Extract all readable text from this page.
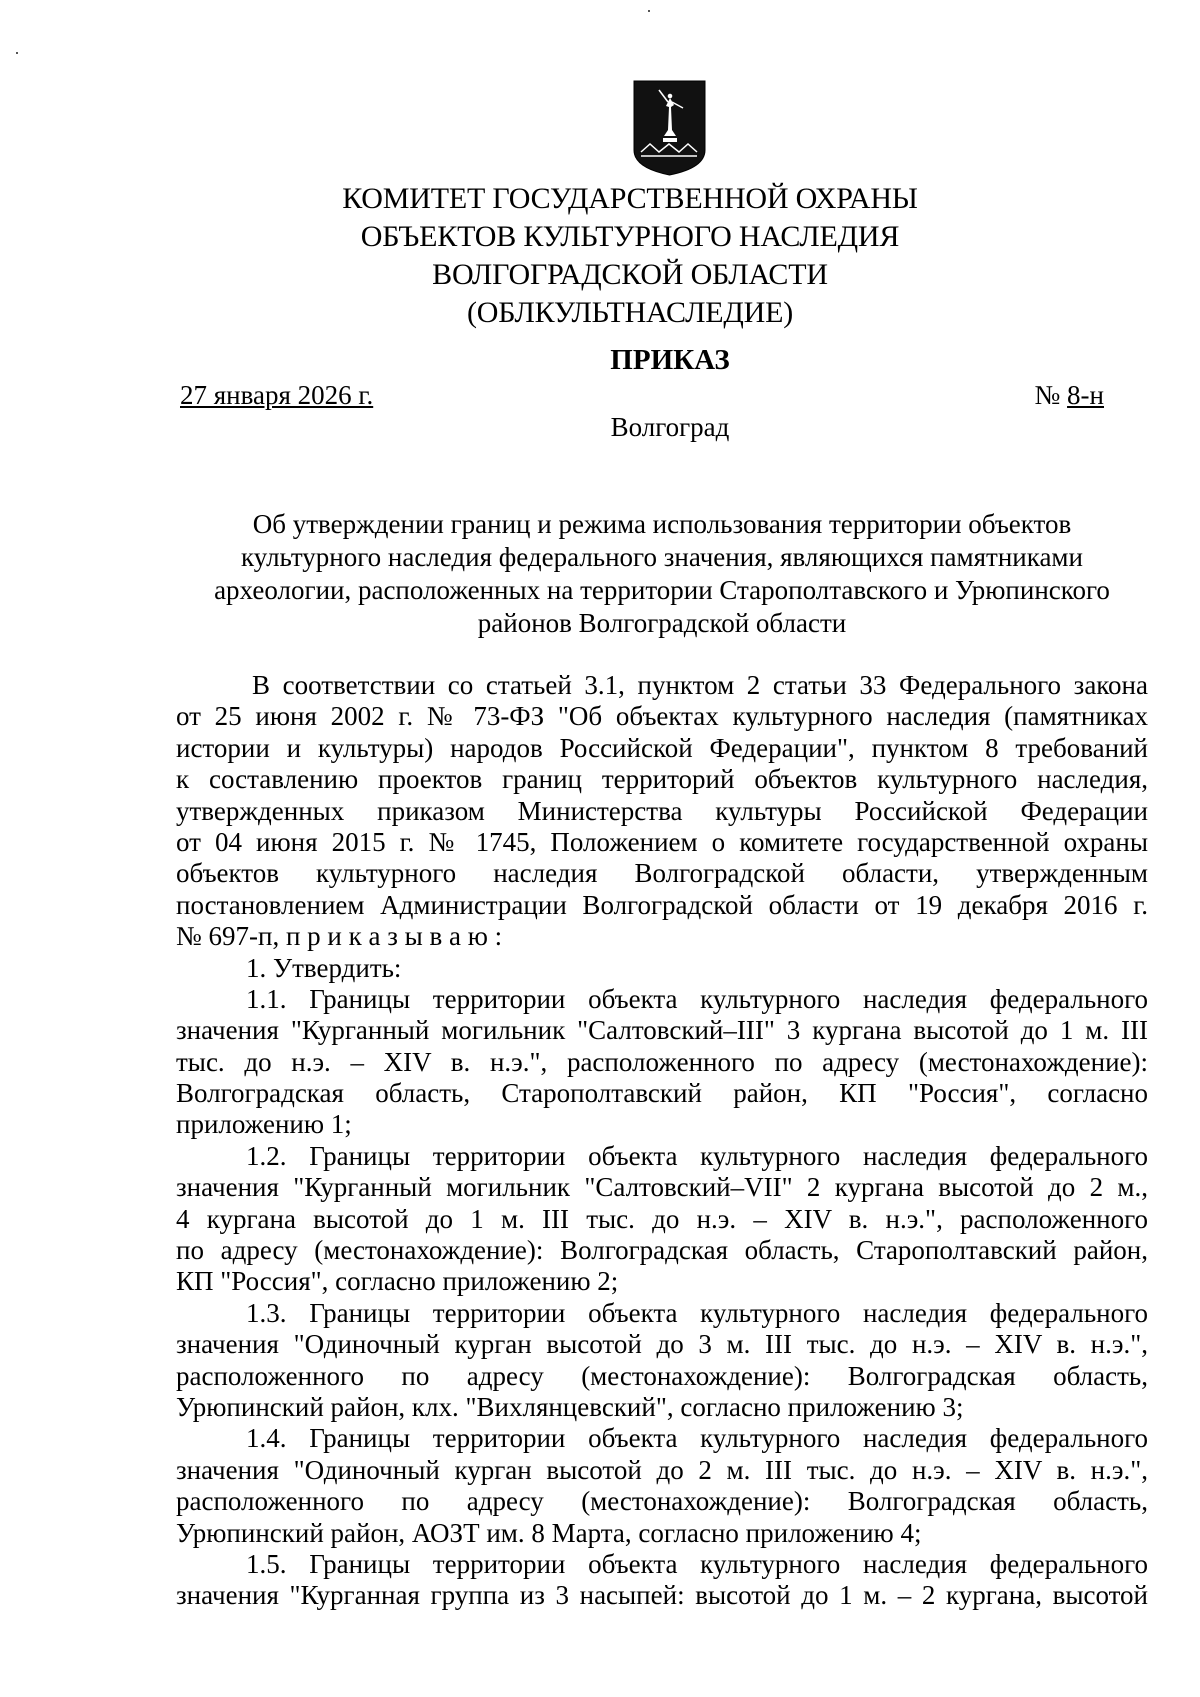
КОМИТЕТ ГОСУДАРСТВЕННОЙ ОХРАНЫ
ОБЪЕКТОВ КУЛЬТУРНОГО НАСЛЕДИЯ
ВОЛГОГРАДСКОЙ ОБЛАСТИ
(ОБЛКУЛЬТНАСЛЕДИЕ)
ПРИКАЗ
27 января 2026 г.	№ 8-н
Волгоград
Об утверждении границ и режима использования территории объектов
культурного наследия федерального значения, являющихся памятниками
археологии, расположенных на территории Старополтавского и Урюпинского
районов Волгоградской области
В соответствии со статьей 3.1, пунктом 2 статьи 33 Федерального закона
от 25 июня 2002 г. № 73-ФЗ "Об объектах культурного наследия (памятниках
истории и культуры) народов Российской Федерации", пунктом 8 требований
к составлению проектов границ территорий объектов культурного наследия,
утвержденных приказом Министерства культуры Российской Федерации
от 04 июня 2015 г. № 1745, Положением о комитете государственной охраны
объектов культурного наследия Волгоградской области, утвержденным
постановлением Администрации Волгоградской области от 19 декабря 2016 г.
№ 697-п, п р и к а з ы в а ю :
1. Утвердить:
1.1. Границы территории объекта культурного наследия федерального
значения "Курганный могильник "Салтовский–III" 3 кургана высотой до 1 м. III
тыс. до н.э. – XIV в. н.э.", расположенного по адресу (местонахождение):
Волгоградская область, Старополтавский район, КП "Россия", согласно
приложению 1;
1.2. Границы территории объекта культурного наследия федерального
значения "Курганный могильник "Салтовский–VII" 2 кургана высотой до 2 м.,
4 кургана высотой до 1 м. III тыс. до н.э. – XIV в. н.э.", расположенного
по адресу (местонахождение): Волгоградская область, Старополтавский район,
КП "Россия", согласно приложению 2;
1.3. Границы территории объекта культурного наследия федерального
значения "Одиночный курган высотой до 3 м. III тыс. до н.э. – XIV в. н.э.",
расположенного по адресу (местонахождение): Волгоградская область,
Урюпинский район, клх. "Вихлянцевский", согласно приложению 3;
1.4. Границы территории объекта культурного наследия федерального
значения "Одиночный курган высотой до 2 м. III тыс. до н.э. – XIV в. н.э.",
расположенного по адресу (местонахождение): Волгоградская область,
Урюпинский район, АОЗТ им. 8 Марта, согласно приложению 4;
1.5. Границы территории объекта культурного наследия федерального
значения "Курганная группа из 3 насыпей: высотой до 1 м. – 2 кургана, высотой
